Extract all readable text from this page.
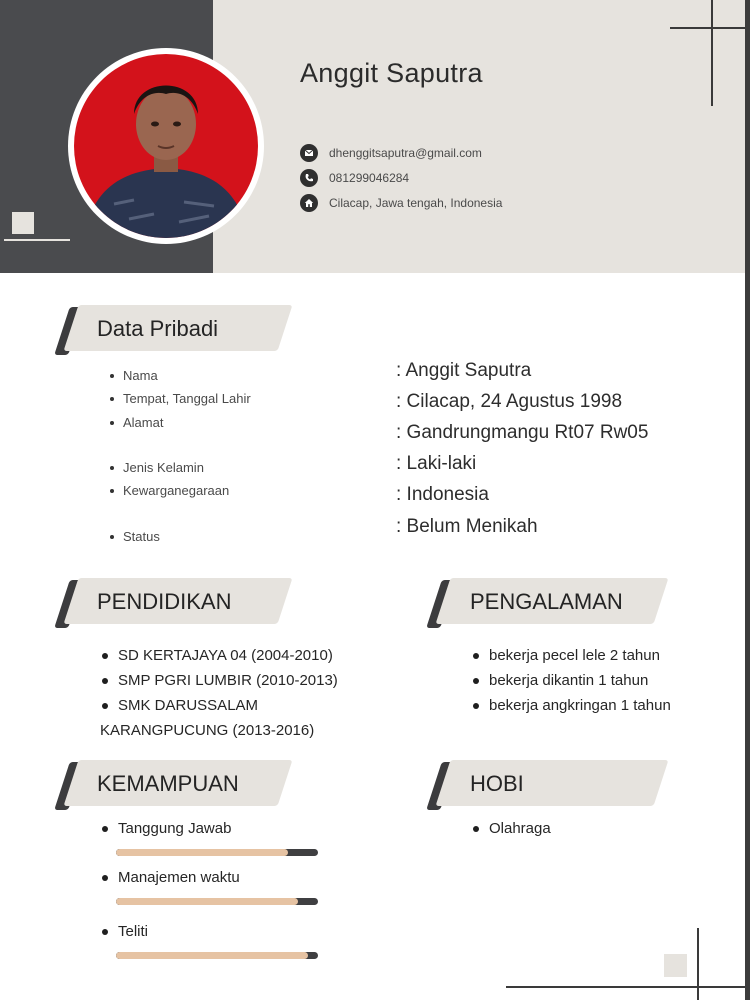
Anggit Saputra
dhenggitsaputra@gmail.com
081299046284
Cilacap, Jawa tengah, Indonesia
Data Pribadi
Nama
Tempat, Tanggal Lahir
Alamat
Jenis Kelamin
Kewarganegaraan
Status
: Anggit Saputra
: Cilacap, 24 Agustus 1998
: Gandrungmangu Rt07 Rw05
: Laki-laki
: Indonesia
: Belum Menikah
PENDIDIKAN
SD KERTAJAYA 04 (2004-2010)
SMP PGRI LUMBIR (2010-2013)
SMK DARUSSALAM
KARANGPUCUNG (2013-2016)
PENGALAMAN
bekerja pecel lele 2 tahun
bekerja dikantin 1 tahun
bekerja angkringan 1 tahun
KEMAMPUAN
Tanggung Jawab
Manajemen waktu
Teliti
HOBI
Olahraga
